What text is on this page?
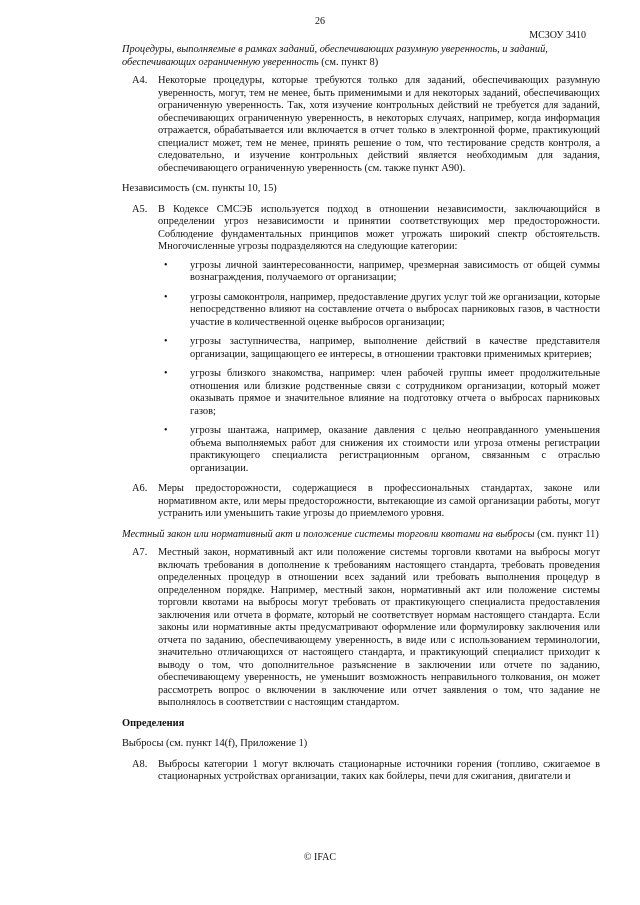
26
МСЗОУ 3410
Процедуры, выполняемые в рамках заданий, обеспечивающих разумную уверенность, и заданий, обеспечивающих ограниченную уверенность (см. пункт 8)
A4. Некоторые процедуры, которые требуются только для заданий, обеспечивающих разумную уверенность, могут, тем не менее, быть применимыми и для некоторых заданий, обеспечивающих ограниченную уверенность. Так, хотя изучение контрольных действий не требуется для заданий, обеспечивающих ограниченную уверенность, в некоторых случаях, например, когда информация отражается, обрабатывается или включается в отчет только в электронной форме, практикующий специалист может, тем не менее, принять решение о том, что тестирование средств контроля, а следовательно, и изучение контрольных действий является необходимым для задания, обеспечивающего ограниченную уверенность (см. также пункт A90).
Независимость (см. пункты 10, 15)
A5. В Кодексе СМСЭБ используется подход в отношении независимости, заключающийся в определении угроз независимости и принятии соответствующих мер предосторожности. Соблюдение фундаментальных принципов может угрожать широкий спектр обстоятельств. Многочисленные угрозы подразделяются на следующие категории:
• угрозы личной заинтересованности, например, чрезмерная зависимость от общей суммы вознаграждения, получаемого от организации;
• угрозы самоконтроля, например, предоставление других услуг той же организации, которые непосредственно влияют на составление отчета о выбросах парниковых газов, в частности участие в количественной оценке выбросов организации;
• угрозы заступничества, например, выполнение действий в качестве представителя организации, защищающего ее интересы, в отношении трактовки применимых критериев;
• угрозы близкого знакомства, например: член рабочей группы имеет продолжительные отношения или близкие родственные связи с сотрудником организации, который может оказывать прямое и значительное влияние на подготовку отчета о выбросах парниковых газов;
• угрозы шантажа, например, оказание давления с целью неоправданного уменьшения объема выполняемых работ для снижения их стоимости или угроза отмены регистрации практикующего специалиста регистрационным органом, связанным с отраслью организации.
A6. Меры предосторожности, содержащиеся в профессиональных стандартах, законе или нормативном акте, или меры предосторожности, вытекающие из самой организации работы, могут устранить или уменьшить такие угрозы до приемлемого уровня.
Местный закон или нормативный акт и положение системы торговли квотами на выбросы (см. пункт 11)
A7. Местный закон, нормативный акт или положение системы торговли квотами на выбросы могут включать требования в дополнение к требованиям настоящего стандарта, требовать проведения определенных процедур в отношении всех заданий или требовать выполнения процедур в определенном порядке. Например, местный закон, нормативный акт или положение системы торговли квотами на выбросы могут требовать от практикующего специалиста предоставления заключения или отчета в формате, который не соответствует нормам настоящего стандарта. Если законы или нормативные акты предусматривают оформление или формулировку заключения или отчета по заданию, обеспечивающему уверенность, в виде или с использованием терминологии, значительно отличающихся от настоящего стандарта, и практикующий специалист приходит к выводу о том, что дополнительное разъяснение в заключении или отчете по заданию, обеспечивающему уверенность, не уменьшит возможность неправильного толкования, он может рассмотреть вопрос о включении в заключение или отчет заявления о том, что задание не выполнялось в соответствии с настоящим стандартом.
Определения
Выбросы (см. пункт 14(f), Приложение 1)
A8. Выбросы категории 1 могут включать стационарные источники горения (топливо, сжигаемое в стационарных устройствах организации, таких как бойлеры, печи для сжигания, двигатели и
© IFAC
